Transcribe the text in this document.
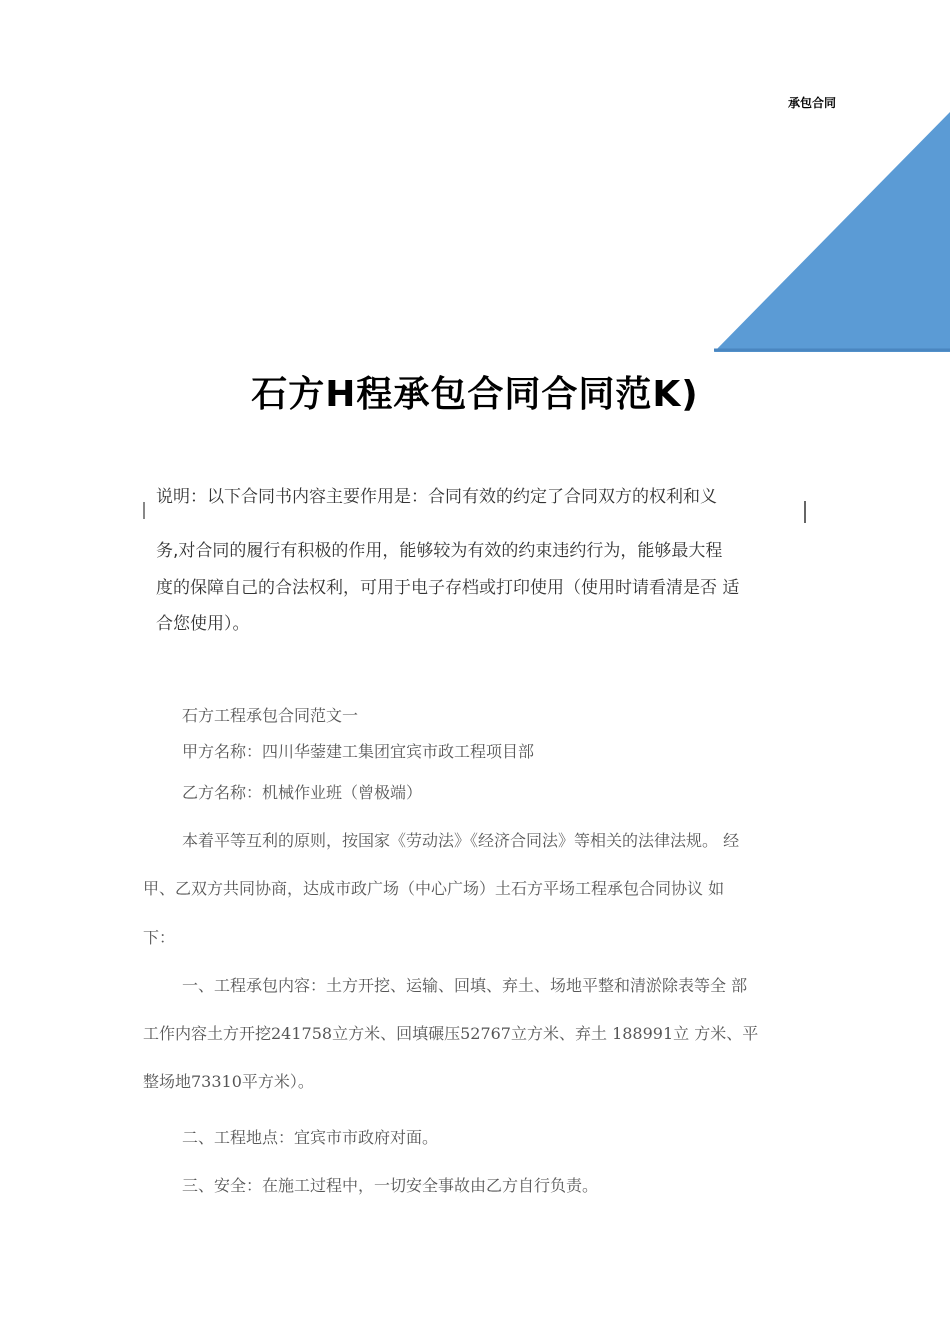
承包合同
石方H程承包合同合同范K)
说明：以下合同书内容主要作用是：合同有效的约定了合同双方的权利和义
务,对合同的履行有积极的作用，能够较为有效的约束违约行为，能够最大程
度的保障自己的合法权利，可用于电子存档或打印使用（使用时请看清是否 适
合您使用）。
石方工程承包合同范文一
甲方名称：四川华蓥建工集团宜宾市政工程项目部
乙方名称：机械作业班（曾极端）
本着平等互利的原则，按国家《劳动法》《经济合同法》等相关的法律法规。 经
甲、乙双方共同协商，达成市政广场（中心广场）土石方平场工程承包合同协议 如
下：
一、工程承包内容：土方开挖、运输、回填、弃土、场地平整和清淤除表等全 部
工作内容土方开挖241758立方米、回填碾压52767立方米、弃土 188991立 方米、平
整场地73310平方米）。
二、工程地点：宜宾市市政府对面。
三、安全：在施工过程中，一切安全事故由乙方自行负责。
